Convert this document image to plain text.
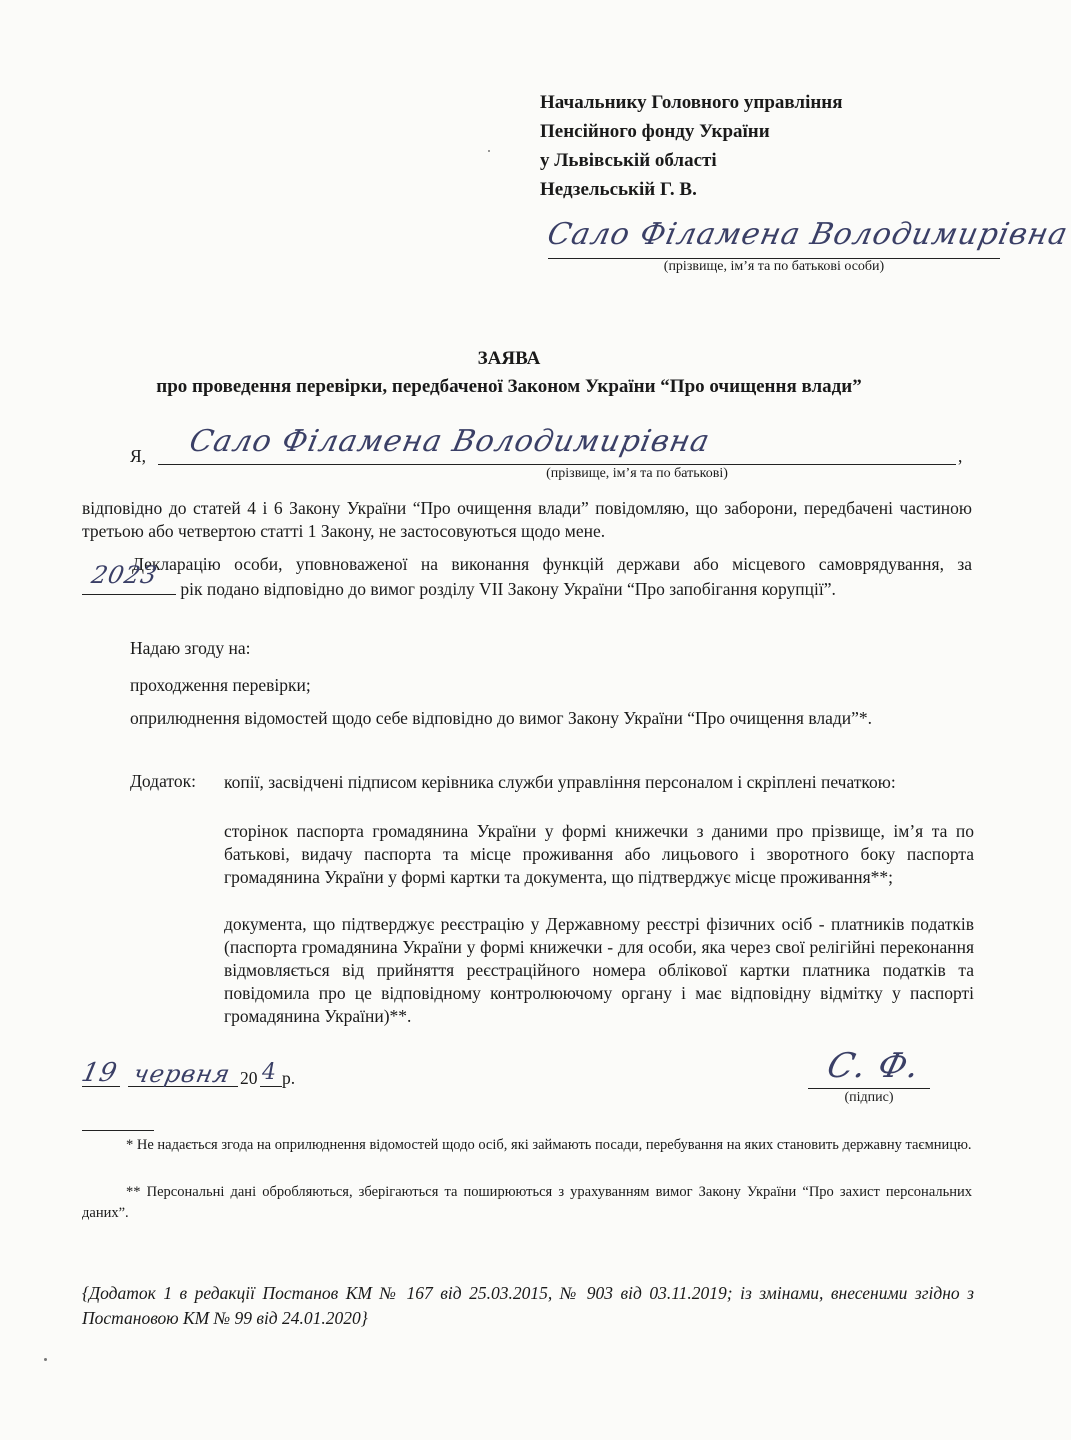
Начальнику Головного управління
Пенсійного фонду України
у Львівській області
Недзельській Г. В.
Сало Філамена Володимирівна
(прізвище, ім’я та по батькові особи)
ЗАЯВА
про проведення перевірки, передбаченої Законом України “Про очищення влади”
Я, Сало Філамена Володимирівна	,
(прізвище, ім’я та по батькові)
відповідно до статей 4 і 6 Закону України “Про очищення влади” повідомляю, що заборони, передбачені частиною третьою або четвертою статті 1 Закону, не застосовуються щодо мене.
Декларацію особи, уповноваженої на виконання функцій держави або місцевого самоврядування, за
2023 рік подано відповідно до вимог розділу VII Закону України “Про запобігання корупції”.
Надаю згоду на:
проходження перевірки;
оприлюднення відомостей щодо себе відповідно до вимог Закону України “Про очищення влади”*.
Додаток: копії, засвідчені підписом керівника служби управління персоналом і скріплені печаткою:
сторінок паспорта громадянина України у формі книжечки з даними про прізвище, ім’я та по батькові, видачу паспорта та місце проживання або лицьового і зворотного боку паспорта громадянина України у формі картки та документа, що підтверджує місце проживання**;
документа, що підтверджує реєстрацію у Державному реєстрі фізичних осіб - платників податків (паспорта громадянина України у формі книжечки - для особи, яка через свої релігійні переконання відмовляється від прийняття реєстраційного номера облікової картки платника податків та повідомила про це відповідному контролюючому органу і має відповідну відмітку у паспорті громадянина України)**.
19 червня 20 4 р.	С. Ф.
(підпис)
* Не надається згода на оприлюднення відомостей щодо осіб, які займають посади, перебування на яких становить державну таємницю.
** Персональні дані обробляються, зберігаються та поширюються з урахуванням вимог Закону України “Про захист персональних даних”.
{Додаток 1 в редакції Постанов КМ № 167 від 25.03.2015, № 903 від 03.11.2019; із змінами, внесеними згідно з Постановою КМ № 99 від 24.01.2020}
